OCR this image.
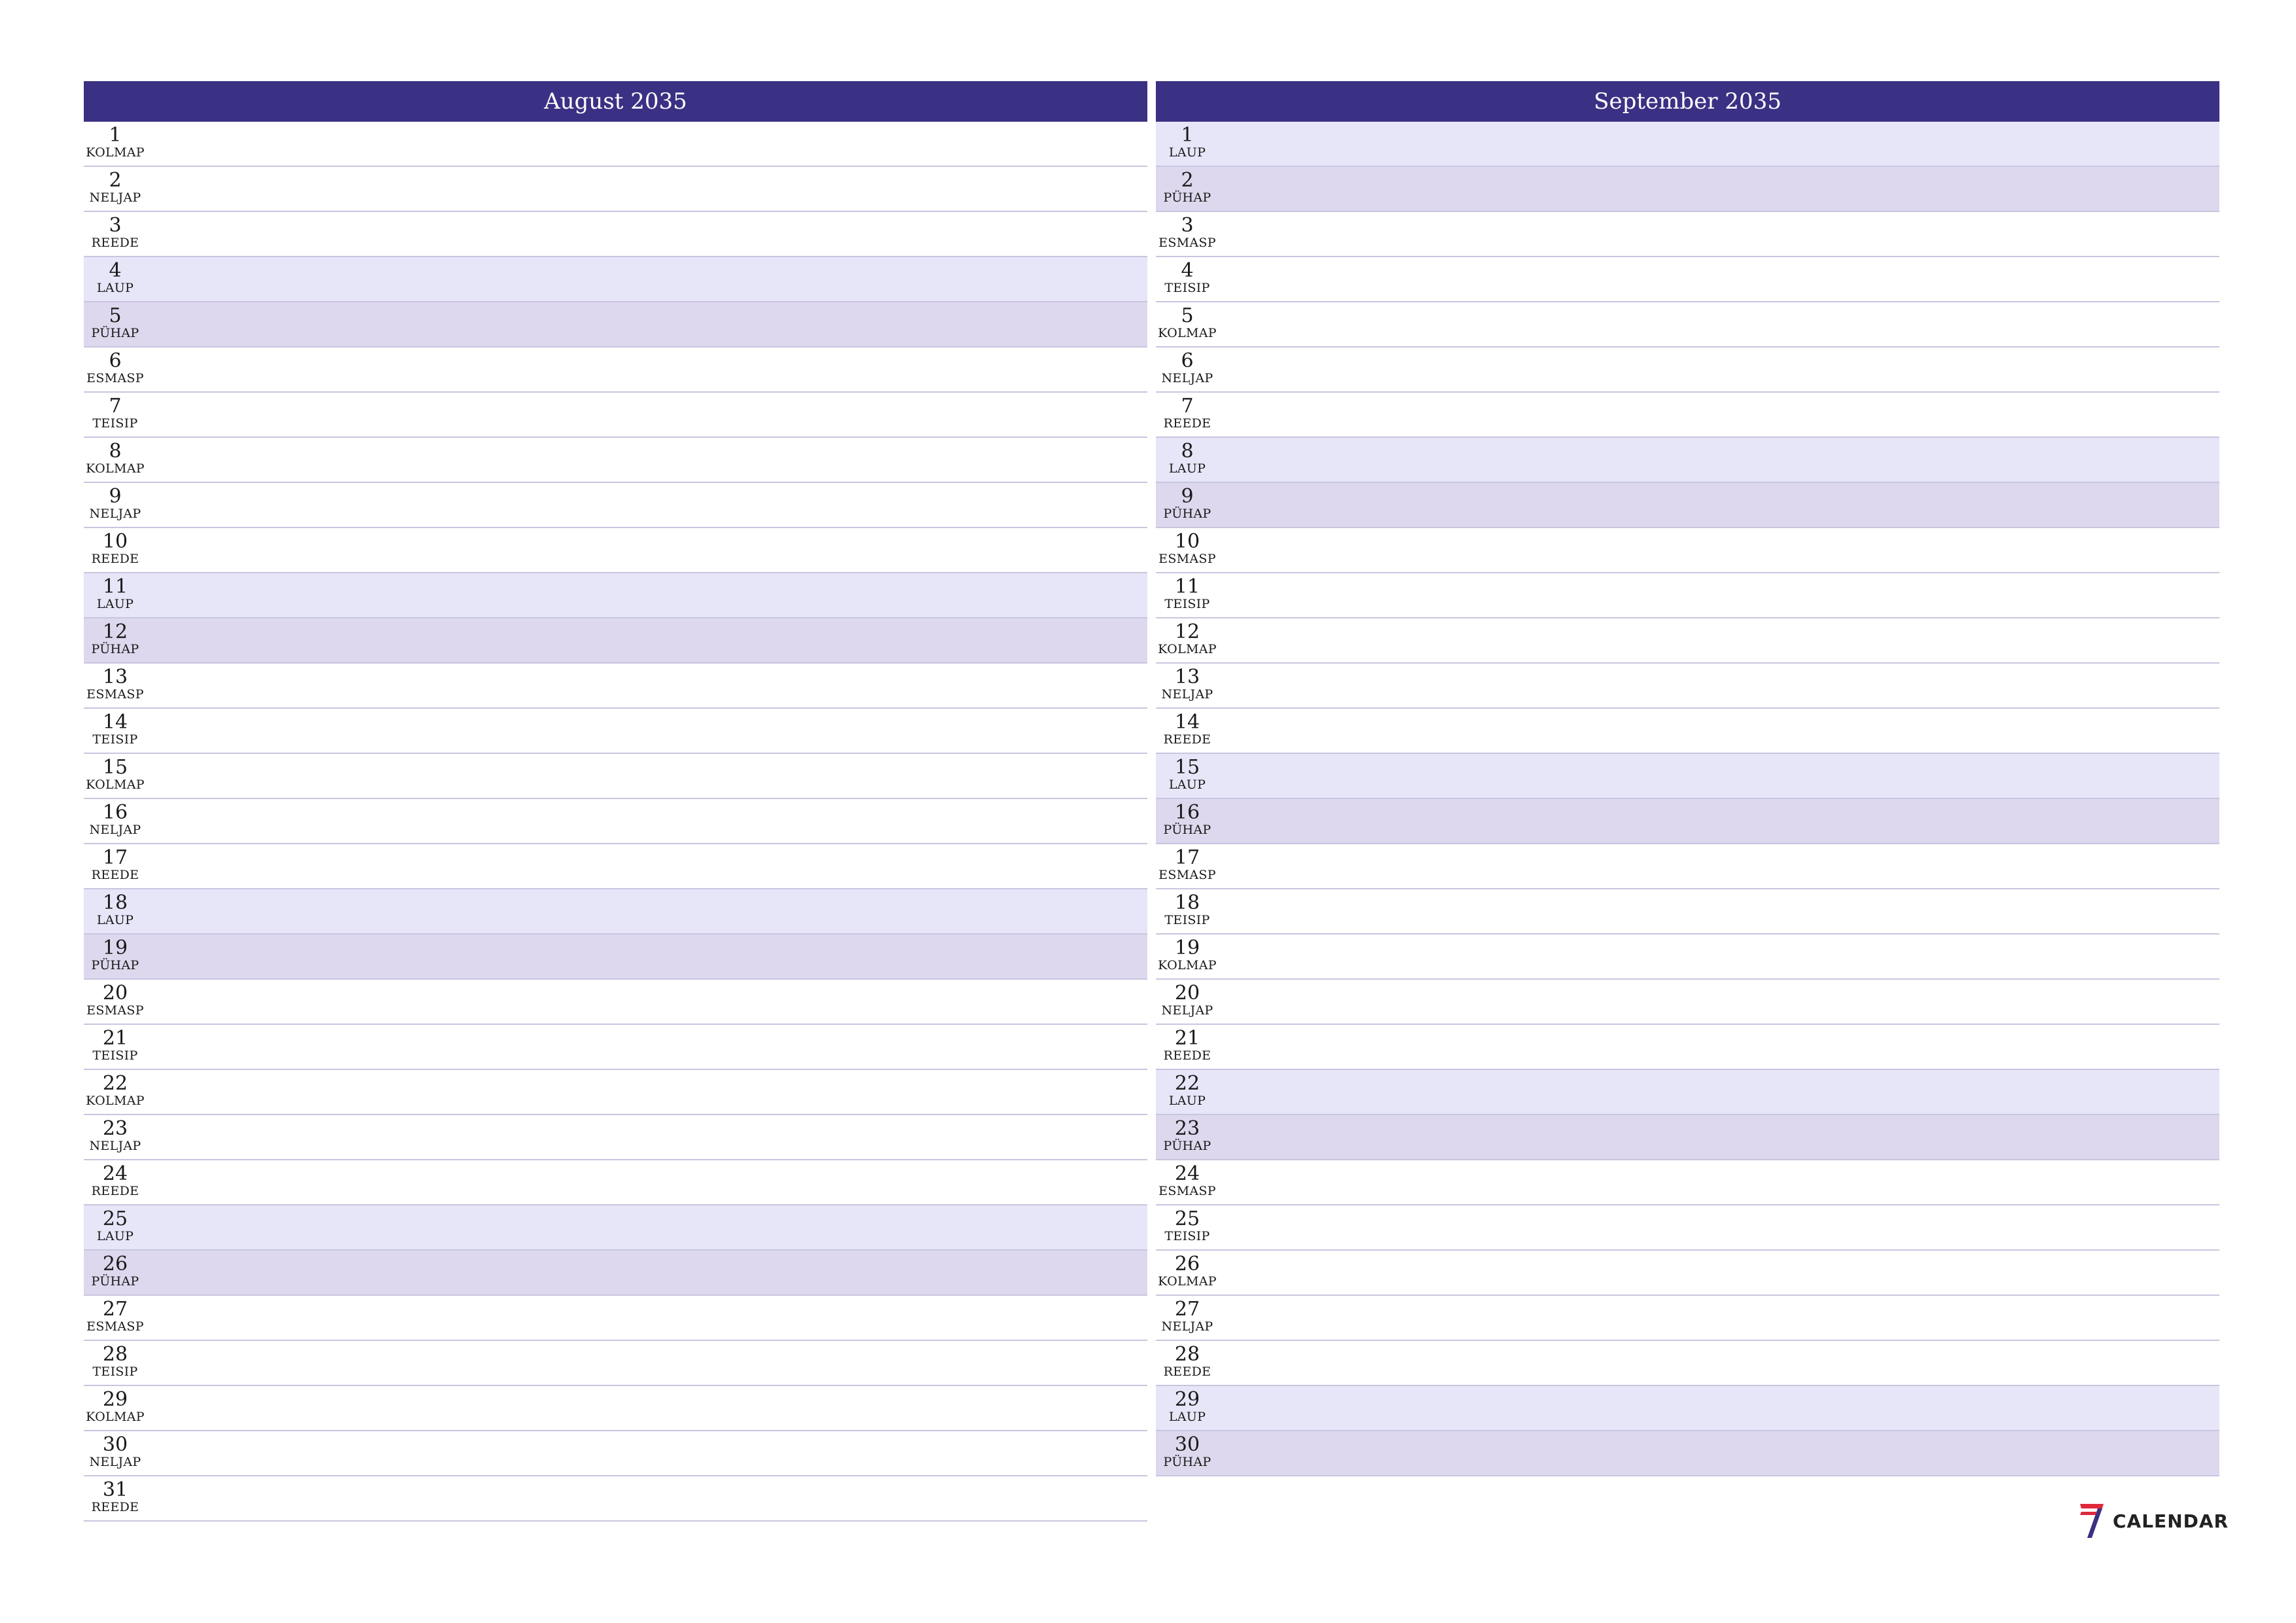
August 2035
1
KOLMAP
2
NELJAP
3
REEDE
4
LAUP
5
PÜHAP
6
ESMASP
7
TEISIP
8
KOLMAP
9
NELJAP
10
REEDE
11
LAUP
12
PÜHAP
13
ESMASP
14
TEISIP
15
KOLMAP
16
NELJAP
17
REEDE
18
LAUP
19
PÜHAP
20
ESMASP
21
TEISIP
22
KOLMAP
23
NELJAP
24
REEDE
25
LAUP
26
PÜHAP
27
ESMASP
28
TEISIP
29
KOLMAP
30
NELJAP
31
REEDE
September 2035
1
LAUP
2
PÜHAP
3
ESMASP
4
TEISIP
5
KOLMAP
6
NELJAP
7
REEDE
8
LAUP
9
PÜHAP
10
ESMASP
11
TEISIP
12
KOLMAP
13
NELJAP
14
REEDE
15
LAUP
16
PÜHAP
17
ESMASP
18
TEISIP
19
KOLMAP
20
NELJAP
21
REEDE
22
LAUP
23
PÜHAP
24
ESMASP
25
TEISIP
26
KOLMAP
27
NELJAP
28
REEDE
29
LAUP
30
PÜHAP
CALENDAR
